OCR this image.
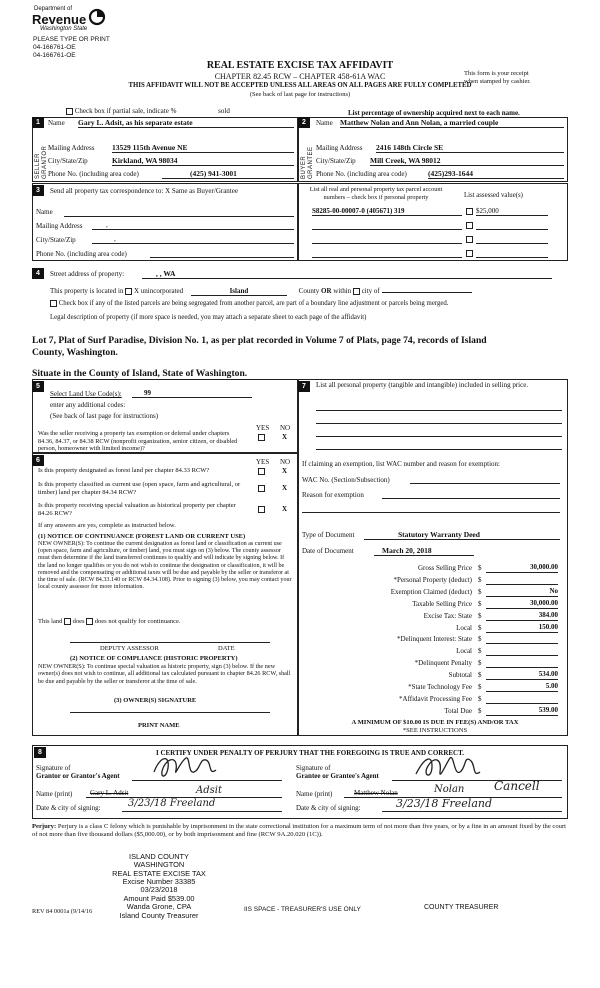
Department of
Revenue
Washington State
PLEASE TYPE OR PRINT
04-166761-OE
04-166761-OE
REAL ESTATE EXCISE TAX AFFIDAVIT
CHAPTER 82.45 RCW – CHAPTER 458-61A WAC
THIS AFFIDAVIT WILL NOT BE ACCEPTED UNLESS ALL AREAS ON ALL PAGES ARE FULLY COMPLETED
(See back of last page for instructions)
This form is your receipt
when stamped by cashier.
Check box if partial sale, indicate %	sold	List percentage of ownership acquired next to each name.
1
SELLER GRANTOR
Name Gary L. Adsit, as his separate estate
Mailing Address 13529 115th Avenue NE
City/State/Zip	Kirkland, WA 98034
Phone No. (including area code)	(425) 941-3001
2
BUYER GRANTEE
Name Matthew Nolan and Ann Nolan, a married couple
Mailing Address 2416 148th Circle SE
City/State/Zip Mill Creek, WA 98012
Phone No. (including area code)	(425)293-1644
3	Send all property tax correspondence to: X Same as Buyer/Grantee
Name
Mailing Address	,
City/State/Zip	,
Phone No. (including area code)
List all real and personal property tax parcel account numbers – check box if personal property	List assessed value(s)
S8285-00-00007-0 (405671) 319	$25,000
4	Street address of property:	, , WA
This property is located in X unincorporated	Island	County OR within city of
Check box if any of the listed parcels are being segregated from another parcel, are part of a boundary line adjustment or parcels being merged.
Legal description of property (if more space is needed, you may attach a separate sheet to each page of the affidavit)
Lot 7, Plat of Surf Paradise, Division No. 1, as per plat recorded in Volume 7 of Plats, page 74, records of Island
County, Washington.
Situate in the County of Island, State of Washington.
5
Select Land Use Code(s):	99
enter any additional codes:
(See back of last page for instructions)
YES NO
Was the seller receiving a property tax exemption or deferral under chapters 84.36, 84.37, or 84.38 RCW (nonprofit organization, senior citizen, or disabled person, homeowner with limited income)?
X
6	YES NO
Is this property designated as forest land per chapter 84.33 RCW?	X
Is this property classified as current use (open space, farm and agricultural, or timber) land per chapter 84.34 RCW?
X
Is this property receiving special valuation as historical property per chapter 84.26 RCW?
X
If any answers are yes, complete as instructed below.
(1) NOTICE OF CONTINUANCE (FOREST LAND OR CURRENT USE)
NEW OWNER(S): To continue the current designation as forest land or classification as current use (open space, farm and agriculture, or timber) land, you must sign on (3) below. The county assessor must then determine if the land transferred continues to qualify and will indicate by signing below. If the land no longer qualifies or you do not wish to continue the designation or classification, it will be removed and the compensating or additional taxes will be due and payable by the seller or transferor at the time of sale. (RCW 84.33.140 or RCW 84.34.108). Prior to signing (3) below, you may contact your local county assessor for more information.
This land does does not qualify for continuance.
DEPUTY ASSESSOR	DATE
(2) NOTICE OF COMPLIANCE (HISTORIC PROPERTY)
NEW OWNER(S): To continue special valuation as historic property, sign (3) below. If the new owner(s) does not wish to continue, all additional tax calculated pursuant to chapter 84.26 RCW, shall be due and payable by the seller or transferor at the time of sale.
(3) OWNER(S) SIGNATURE
PRINT NAME
7	List all personal property (tangible and intangible) included in selling price.
If claiming an exemption, list WAC number and reason for exemption:
WAC No. (Section/Subsection)
Reason for exemption
Type of Document	Statutory Warranty Deed
Date of Document	March 20, 2018
Gross Selling Price $	30,000.00
*Personal Property (deduct) $
Exemption Claimed (deduct) $	No
Taxable Selling Price $	30,000.00
Excise Tax: State $	384.00
Local $	150.00
*Delinquent Interest: State $
Local $
*Delinquent Penalty $
Subtotal $	534.00
*State Technology Fee $	5.00
*Affidavit Processing Fee $
Total Due $	539.00
A MINIMUM OF $10.00 IS DUE IN FEE(S) AND/OR TAX
*SEE INSTRUCTIONS
8	I CERTIFY UNDER PENALTY OF PERJURY THAT THE FOREGOING IS TRUE AND CORRECT.
Signature of
Grantor or Grantor's Agent
Name (print)	Gary L. Adsit	Adsit
Date & city of signing:	3/23/18 Freeland
Signature of
Grantee or Grantee's Agent
Name (print)	Matthew Nolan	Nolan Cancell
Date & city of signing:	3/23/18 Freeland
Perjury: Perjury is a class C felony which is punishable by imprisonment in the state correctional institution for a maximum term of not more than five years, or by a fine in an amount fixed by the court of not more than five thousand dollars ($5,000.00), or by both imprisonment and fine (RCW 9A.20.020 (1C)).
ISLAND COUNTY WASHINGTON
REAL ESTATE EXCISE TAX
Excise Number 33385
03/23/2018
Amount Paid $539.00
Wanda Grone, CPA
Island County Treasurer
REV 84 0001a (9/14/16	IIS SPACE - TREASURER'S USE ONLY	COUNTY TREASURER
